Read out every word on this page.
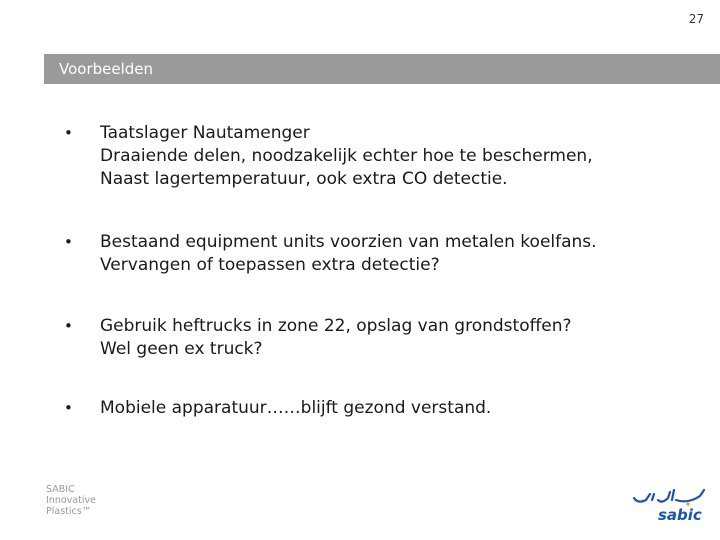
27
Voorbeelden
• Taatslager Nautamenger
Draaiende delen, noodzakelijk echter hoe te beschermen,
Naast lagertemperatuur, ook extra CO detectie.
• Bestaand equipment units voorzien van metalen koelfans.
Vervangen of toepassen extra detectie?
• Gebruik heftrucks in zone 22, opslag van grondstoffen?
Wel geen ex truck?
• Mobiele apparatuur……blijft gezond verstand.
SABIC
Innovative
Plastics™	sabic
